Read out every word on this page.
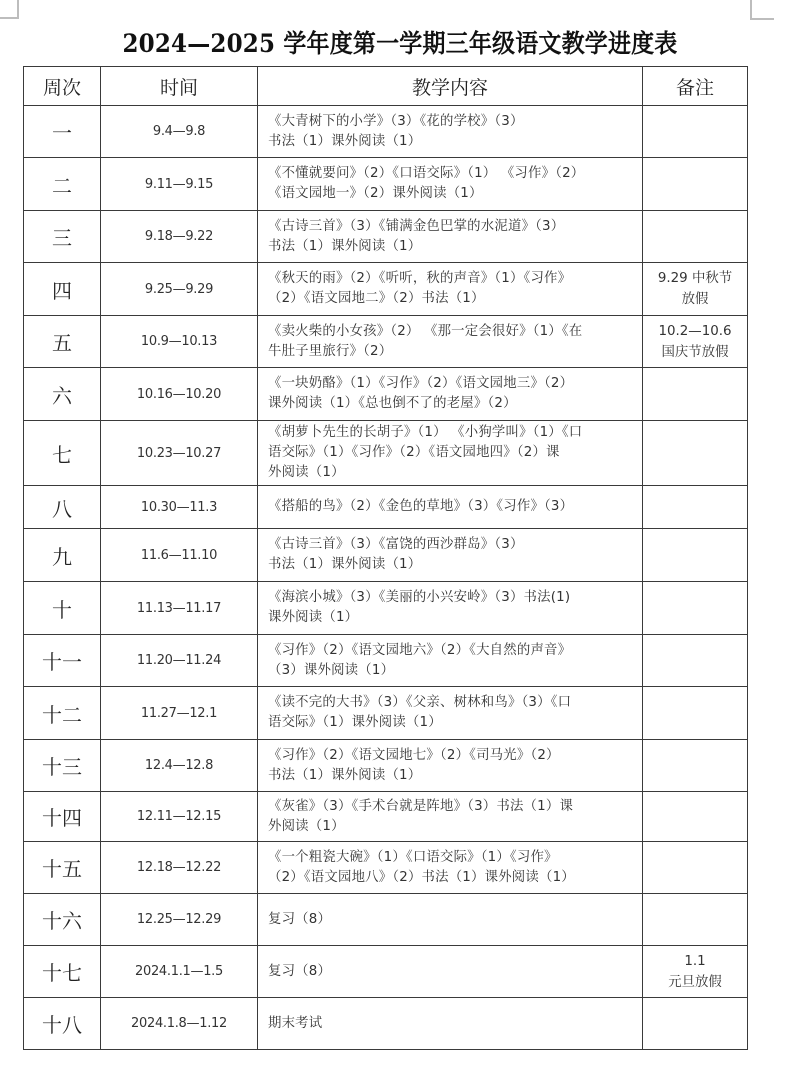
2024—2025 学年度第一学期三年级语文教学进度表
周次	时间	教学内容	备注
一	9.4—9.8	《大青树下的小学》（3）《花的学校》（3）
书法（1）课外阅读（1）	

二	9.11—9.15	《不懂就要问》（2）《口语交际》（1） 《习作》（2）
《语文园地一》（2）课外阅读（1）	

三	9.18—9.22	《古诗三首》（3）《铺满金色巴掌的水泥道》（3）
书法（1）课外阅读（1）	

四	9.25—9.29	《秋天的雨》（2）《听听，秋的声音》（1）《习作》
（2）《语文园地二》（2）书法（1）	9.29 中秋节
放假

五	10.9—10.13	《卖火柴的小女孩》（2） 《那一定会很好》（1）《在
牛肚子里旅行》（2）	10.2—10.6
国庆节放假

六	10.16—10.20	《一块奶酪》（1）《习作》（2）《语文园地三》（2）
课外阅读（1）《总也倒不了的老屋》（2）	

七	10.23—10.27	《胡萝卜先生的长胡子》（1） 《小狗学叫》（1）《口
语交际》（1）《习作》（2）《语文园地四》（2）课
外阅读（1）	

八	10.30—11.3	《搭船的鸟》（2）《金色的草地》（3）《习作》（3）	

九	11.6—11.10	《古诗三首》（3）《富饶的西沙群岛》（3）
书法（1）课外阅读（1）	

十	11.13—11.17	《海滨小城》（3）《美丽的小兴安岭》（3）书法(1)
课外阅读（1）	

十一	11.20—11.24	《习作》（2）《语文园地六》（2）《大自然的声音》
（3）课外阅读（1）	

十二	11.27—12.1	《读不完的大书》（3）《父亲、树林和鸟》（3）《口
语交际》（1）课外阅读（1）	

十三	12.4—12.8	《习作》（2）《语文园地七》（2）《司马光》（2）
书法（1）课外阅读（1）	

十四	12.11—12.15	《灰雀》（3）《手术台就是阵地》（3）书法（1）课
外阅读（1）	

十五	12.18—12.22	《一个粗瓷大碗》（1）《口语交际》（1）《习作》
（2）《语文园地八》（2）书法（1）课外阅读（1）	

十六	12.25—12.29	复习（8）	

十七	2024.1.1—1.5	复习（8）	1.1
元旦放假

十八	2024.1.8—1.12	期末考试	
